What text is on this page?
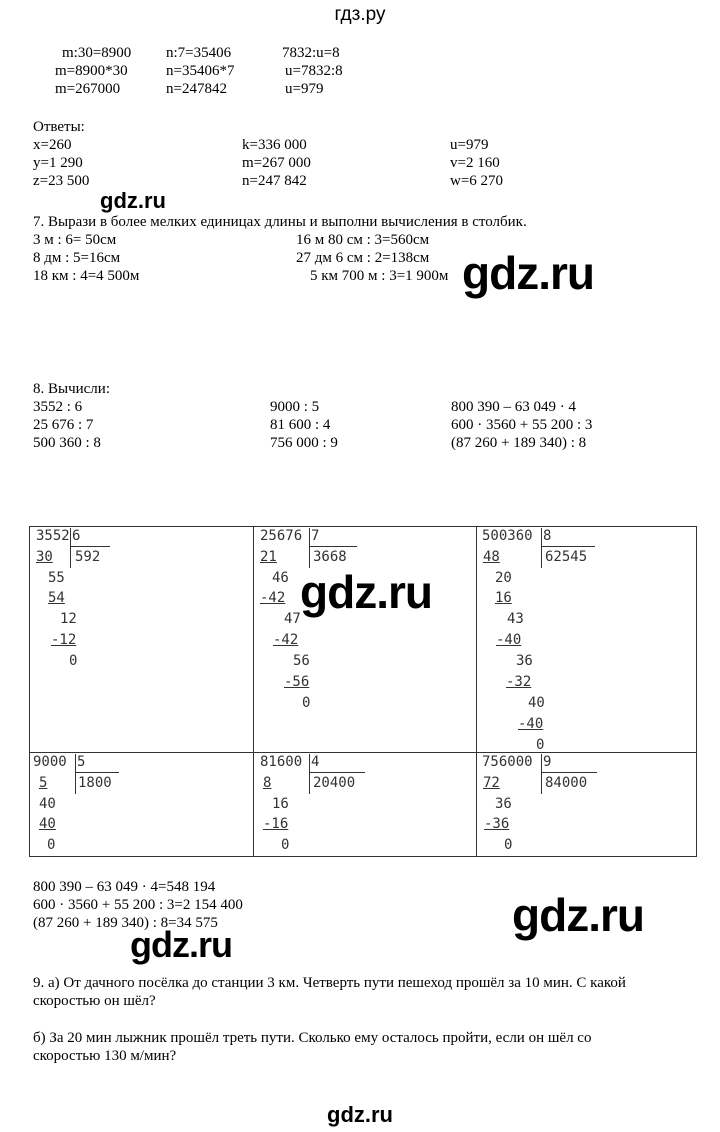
гдз.ру
m:30=8900
m=8900*30
m=267000
n:7=35406
n=35406*7
n=247842
7832:u=8
u=7832:8
u=979
Ответы:
x=260
y=1 290
z=23 500
k=336 000
m=267 000
n=247 842
u=979
v=2 160
w=6 270
gdz.ru
7. Вырази в более мелких единицах длины и выполни вычисления в столбик.
3 м : 6= 50см
8 дм : 5=16см
18 км : 4=4 500м
16 м 80 см : 3=560см
27 дм 6 см : 2=138см
5 км 700 м : 3=1 900м gdz.ru
8. Вычисли:
3552 : 6
25 676 : 7
500 360 : 8
9000 : 5
81 600 : 4
756 000 : 9
800 390 – 63 049 · 4
600 · 3560 + 55 200 : 3
(87 260 + 189 340) : 8
3552 6
592
30
55
54
12
-12
0
25676 7
3668
21
46
-42
47
-42
56
-56
0
500360 8
62545
48
20
16
43
-40
36
-32
40
-40
0
9000 5
1800
5
40
40
0
81600 4
20400
8
16
-16
0
756000 9
84000
72
36
-36
0
gdz.ru
800 390 – 63 049 · 4=548 194
600 · 3560 + 55 200 : 3=2 154 400
(87 260 + 189 340) : 8=34 575	gdz.ru
gdz.ru
9. а) От дачного посёлка до станции 3 км. Четверть пути пешеход прошёл за 10 мин. С какой
скоростью он шёл?
б) За 20 мин лыжник прошёл треть пути. Сколько ему осталось пройти, если он шёл со
скоростью 130 м/мин?
gdz.ru
